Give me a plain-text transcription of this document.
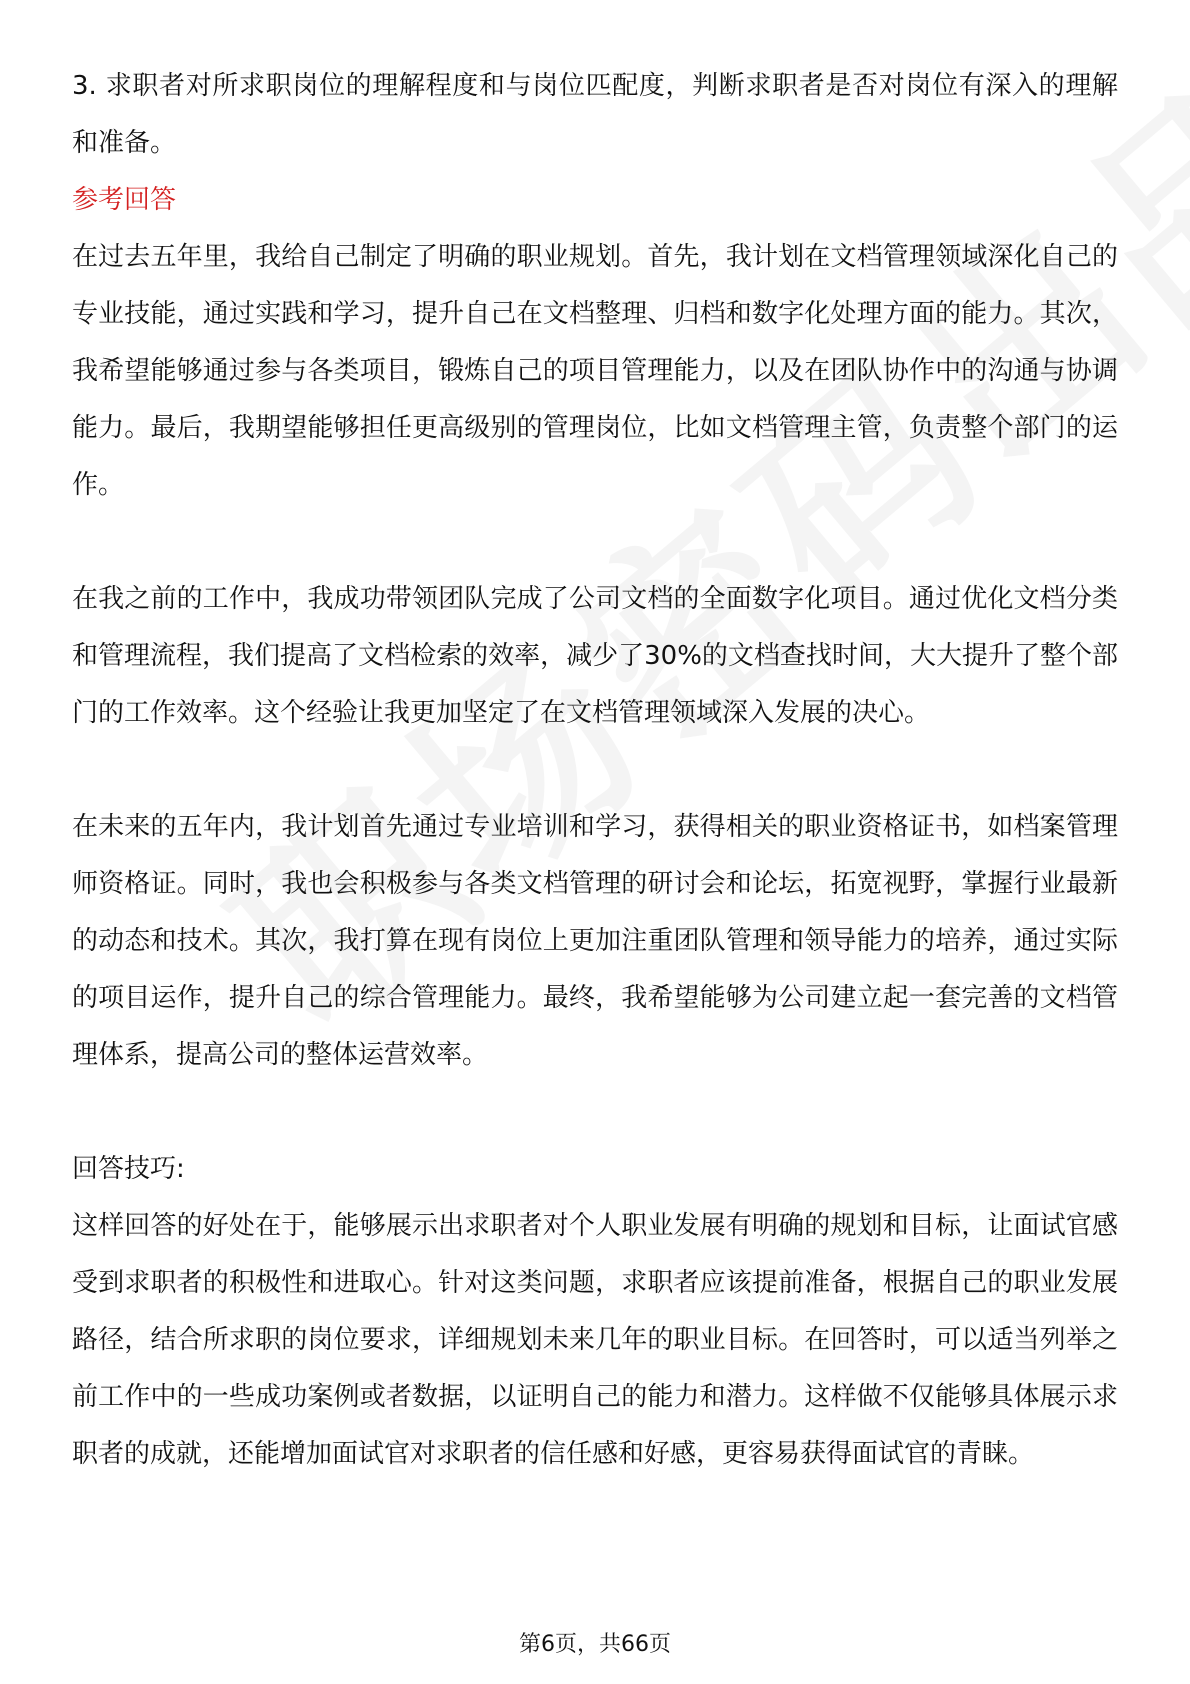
3. 求职者对所求职岗位的理解程度和与岗位匹配度，判断求职者是否对岗位有深入的理解和准备。

参考回答

在过去五年里，我给自己制定了明确的职业规划。首先，我计划在文档管理领域深化自己的专业技能，通过实践和学习，提升自己在文档整理、归档和数字化处理方面的能力。其次，我希望能够通过参与各类项目，锻炼自己的项目管理能力，以及在团队协作中的沟通与协调能力。最后，我期望能够担任更高级别的管理岗位，比如文档管理主管，负责整个部门的运作。

在我之前的工作中，我成功带领团队完成了公司文档的全面数字化项目。通过优化文档分类和管理流程，我们提高了文档检索的效率，减少了30%的文档查找时间，大大提升了整个部门的工作效率。这个经验让我更加坚定了在文档管理领域深入发展的决心。

在未来的五年内，我计划首先通过专业培训和学习，获得相关的职业资格证书，如档案管理师资格证。同时，我也会积极参与各类文档管理的研讨会和论坛，拓宽视野，掌握行业最新的动态和技术。其次，我打算在现有岗位上更加注重团队管理和领导能力的培养，通过实际的项目运作，提升自己的综合管理能力。最终，我希望能够为公司建立起一套完善的文档管理体系，提高公司的整体运营效率。

回答技巧:

这样回答的好处在于，能够展示出求职者对个人职业发展有明确的规划和目标，让面试官感受到求职者的积极性和进取心。针对这类问题，求职者应该提前准备，根据自己的职业发展路径，结合所求职的岗位要求，详细规划未来几年的职业目标。在回答时，可以适当列举之前工作中的一些成功案例或者数据，以证明自己的能力和潜力。这样做不仅能够具体展示求职者的成就，还能增加面试官对求职者的信任感和好感，更容易获得面试官的青睐。

第6页，共66页
